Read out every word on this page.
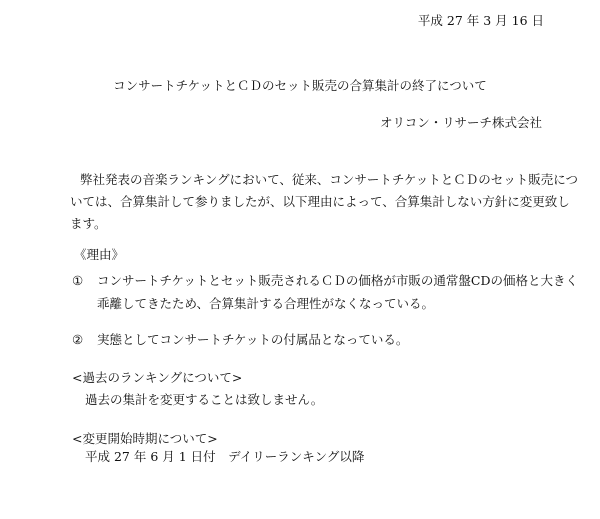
平成 27 年 3 月 16 日
コンサートチケットとＣＤのセット販売の合算集計の終了について
オリコン・リサーチ株式会社
弊社発表の音楽ランキングにおいて、従来、コンサートチケットとＣＤのセット販売につ
いては、合算集計して参りましたが、以下理由によって、合算集計しない方針に変更致し
ます。
《理由》
① コンサートチケットとセット販売されるＣＤの価格が市販の通常盤CDの価格と大きく
乖離してきたため、合算集計する合理性がなくなっている。
② 実態としてコンサートチケットの付属品となっている。
<過去のランキングについて>
過去の集計を変更することは致しません。
<変更開始時期について>
平成 27 年 6 月 1 日付　デイリーランキング以降
